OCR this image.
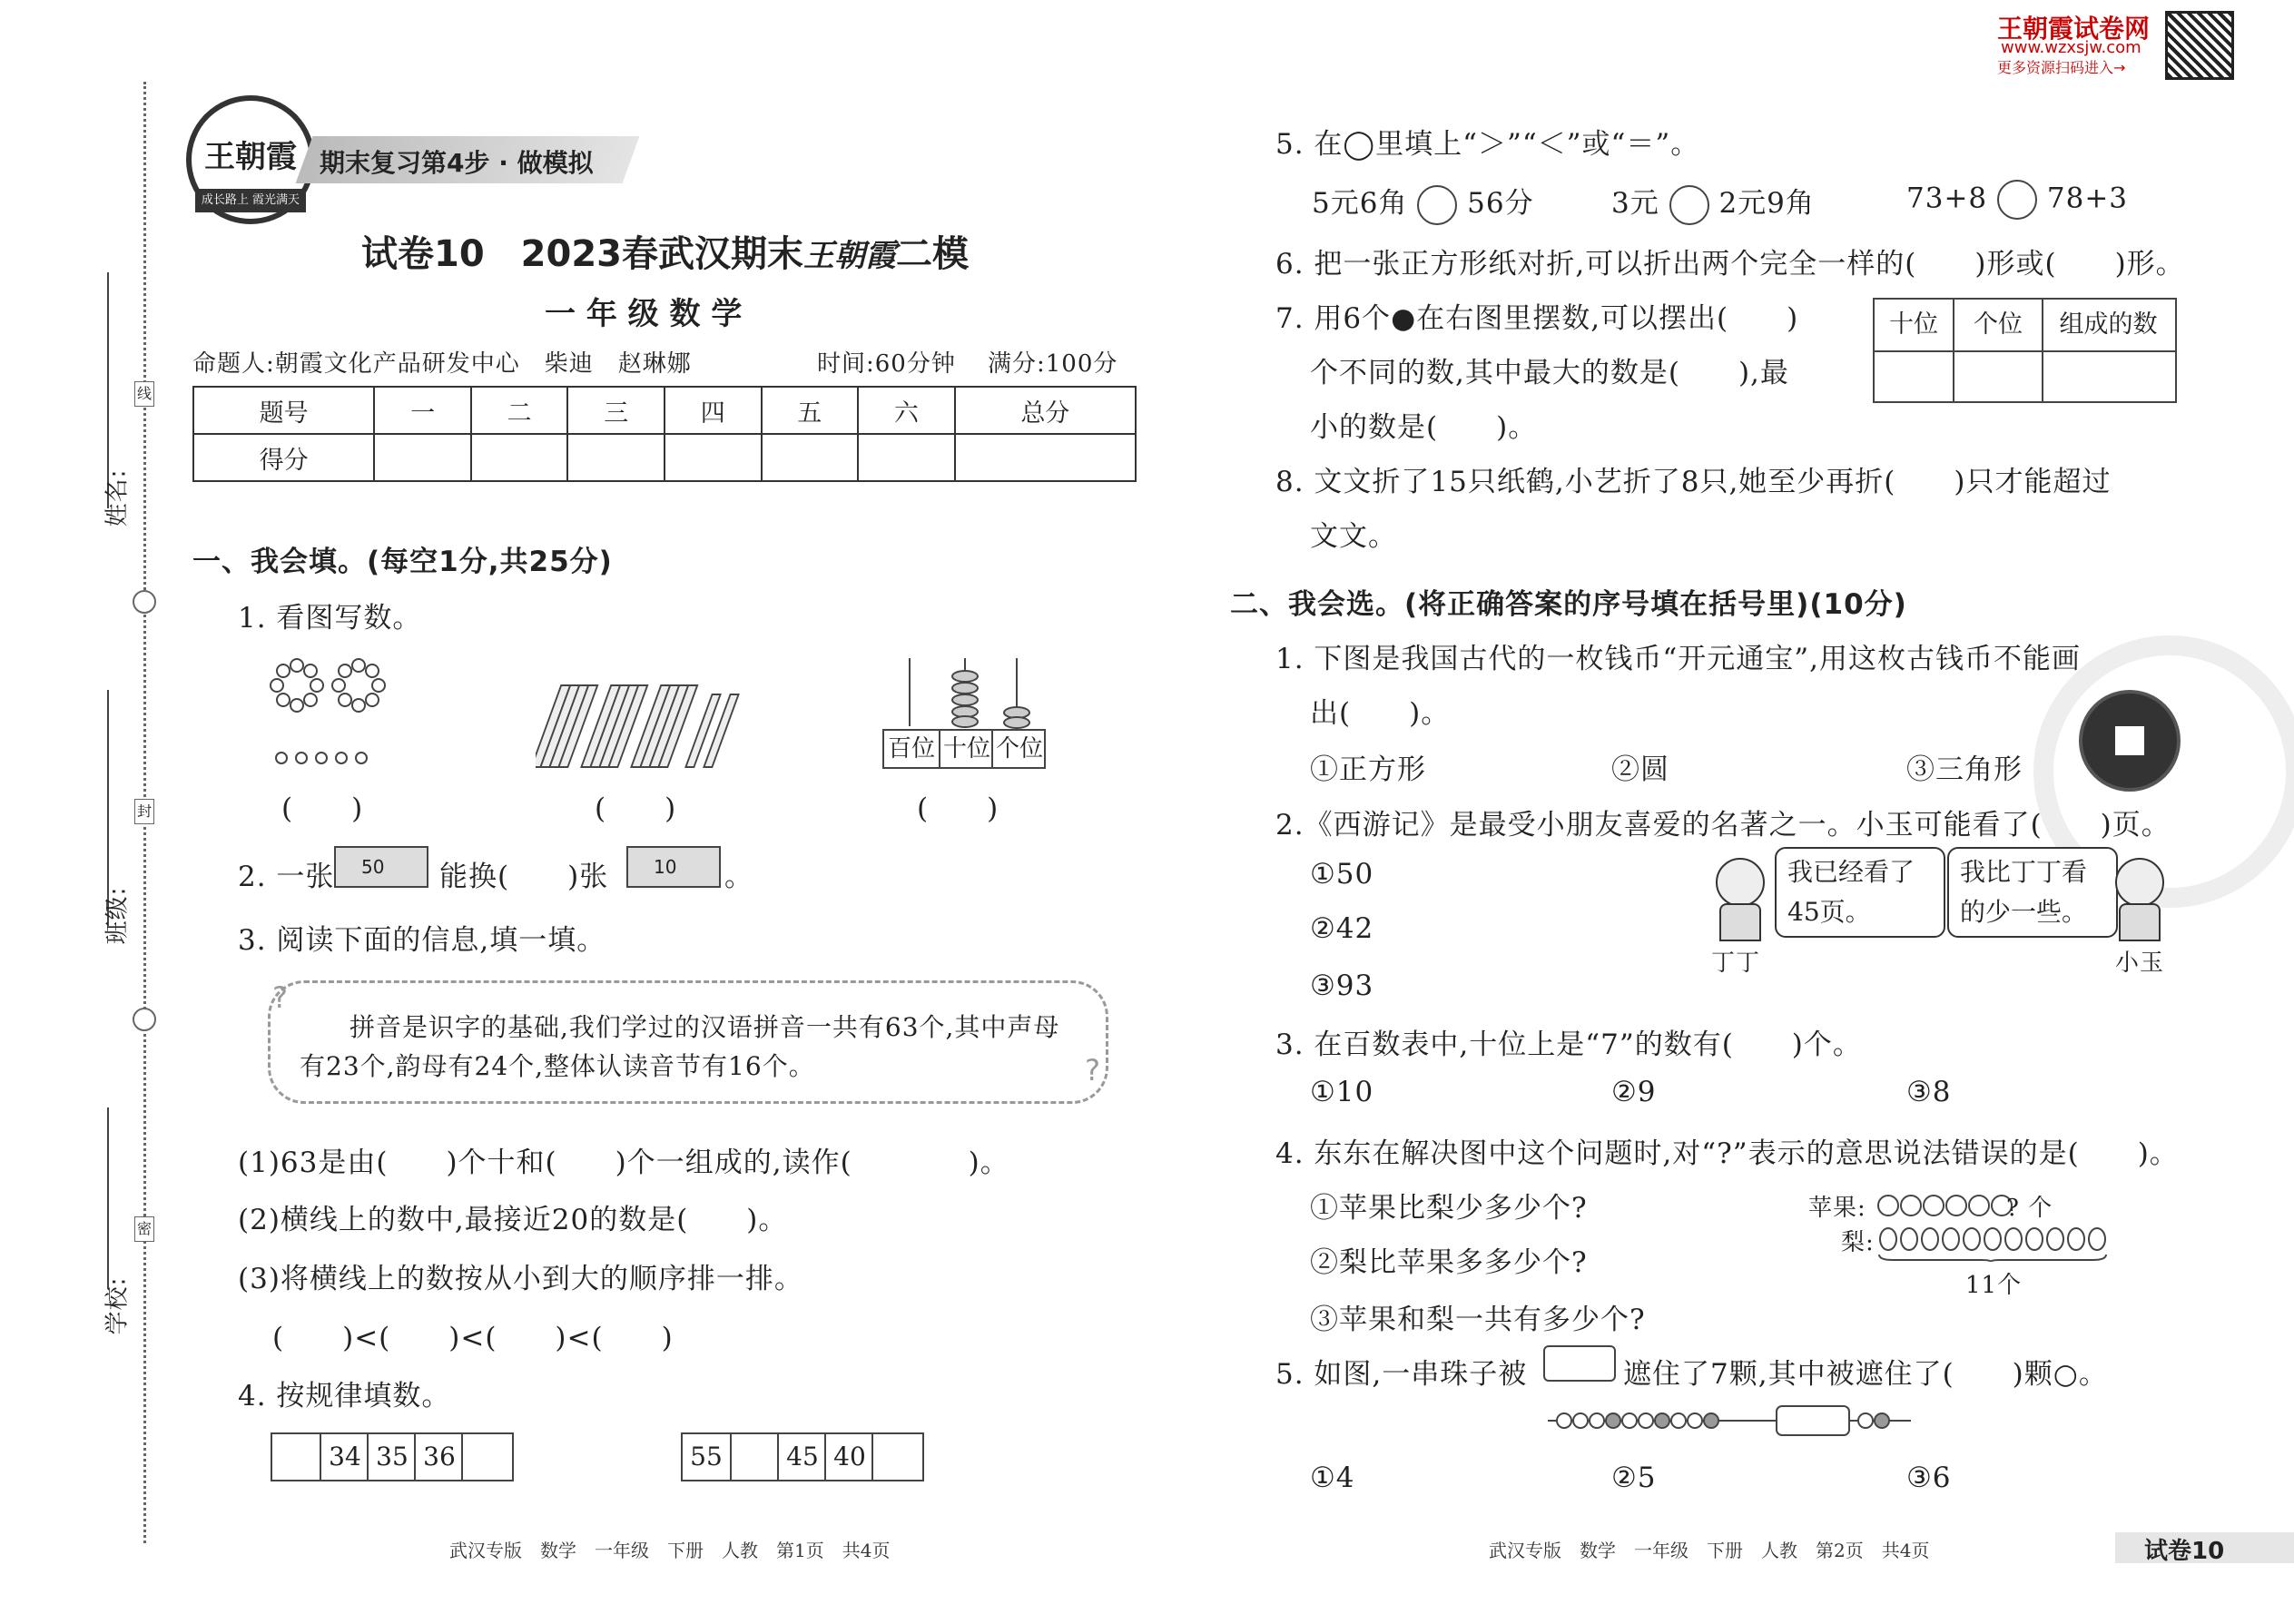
姓名:
班级:
学校:
线
封
密
王朝霞
成长路上 霞光满天
期末复习第4步 · 做模拟
王朝霞试卷网
www.wzxsjw.com
更多资源扫码进入→
试卷10　2023春武汉期末王朝霞二模
一 年 级 数 学
命题人:朝霞文化产品研发中心　柴迪　赵琳娜	时间:60分钟 满分:100分
题号	一	二	三	四	五	六	总分
得分							
一、我会填。(每空1分,共25分)
1. 看图写数。
(　　)	(　　)
百位 十位 个位
(　　)
2. 一张	50	能换(　　)张	10	。
3. 阅读下面的信息,填一填。
?
?
拼音是识字的基础,我们学过的汉语拼音一共有63个,其中声母
有23个,韵母有24个,整体认读音节有16个。
(1)63是由(　　)个十和(　　)个一组成的,读作(　　　　)。
(2)横线上的数中,最接近20的数是(　　)。
(3)将横线上的数按从小到大的顺序排一排。
(　　)<(　　)<(　　)<(　　)
4. 按规律填数。
34 35 36	55	45 40
武汉专版　数学　一年级　下册　人教　第1页　共4页
5. 在◯里填上“＞”“＜”或“＝”。
5元6角 56分	3元 2元9角	73+8 78+3
6. 把一张正方形纸对折,可以折出两个完全一样的(　　)形或(　　)形。
7. 用6个●在右图里摆数,可以摆出(　　)
个不同的数,其中最大的数是(　　),最
小的数是(　　)。
十位	个位	组成的数
8. 文文折了15只纸鹤,小艺折了8只,她至少再折(　　)只才能超过
文文。
二、我会选。(将正确答案的序号填在括号里)(10分)
1. 下图是我国古代的一枚钱币“开元通宝”,用这枚古钱币不能画
出(　　)。
①正方形	②圆	③三角形
2.《西游记》是最受小朋友喜爱的名著之一。小玉可能看了(　　)页。
①50
②42
③93
我已经看了45页。
丁丁
我比丁丁看的少一些。
小玉
3. 在百数表中,十位上是“7”的数有(　　)个。
①10	②9	③8
4. 东东在解决图中这个问题时,对“?”表示的意思说法错误的是(　　)。
①苹果比梨少多少个?
②梨比苹果多多少个?
③苹果和梨一共有多少个?
苹果:
梨:
? 个
11个
5. 如图,一串珠子被	遮住了7颗,其中被遮住了(　　)颗○。
①4	②5	③6
武汉专版　数学　一年级　下册　人教　第2页　共4页	试卷10
